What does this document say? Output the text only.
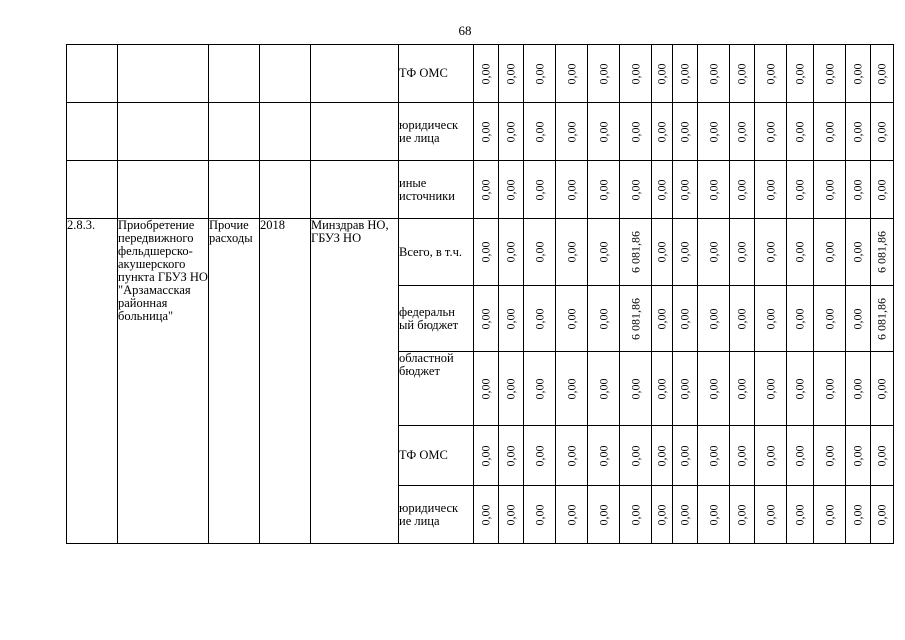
68
					ТФ ОМС	0,00	0,00	0,00	0,00	0,00	0,00	0,00	0,00	0,00	0,00	0,00	0,00	0,00	0,00	0,00

					юридическ ие лица	0,00	0,00	0,00	0,00	0,00	0,00	0,00	0,00	0,00	0,00	0,00	0,00	0,00	0,00	0,00

					иные источники	0,00	0,00	0,00	0,00	0,00	0,00	0,00	0,00	0,00	0,00	0,00	0,00	0,00	0,00	0,00

2.8.3.	Приобретение передвижного фельдшерско-акушерского пункта ГБУЗ НО "Арзамасская районная больница"	Прочие расходы	2018	Минздрав НО, ГБУЗ НО	Всего, в т.ч.	0,00	0,00	0,00	0,00	0,00	6 081,86	0,00	0,00	0,00	0,00	0,00	0,00	0,00	0,00	6 081,86

					федеральн ый бюджет	0,00	0,00	0,00	0,00	0,00	6 081,86	0,00	0,00	0,00	0,00	0,00	0,00	0,00	0,00	6 081,86

					областной бюджет	0,00	0,00	0,00	0,00	0,00	0,00	0,00	0,00	0,00	0,00	0,00	0,00	0,00	0,00	0,00

					ТФ ОМС	0,00	0,00	0,00	0,00	0,00	0,00	0,00	0,00	0,00	0,00	0,00	0,00	0,00	0,00	0,00

					юридическ ие лица	0,00	0,00	0,00	0,00	0,00	0,00	0,00	0,00	0,00	0,00	0,00	0,00	0,00	0,00	0,00
